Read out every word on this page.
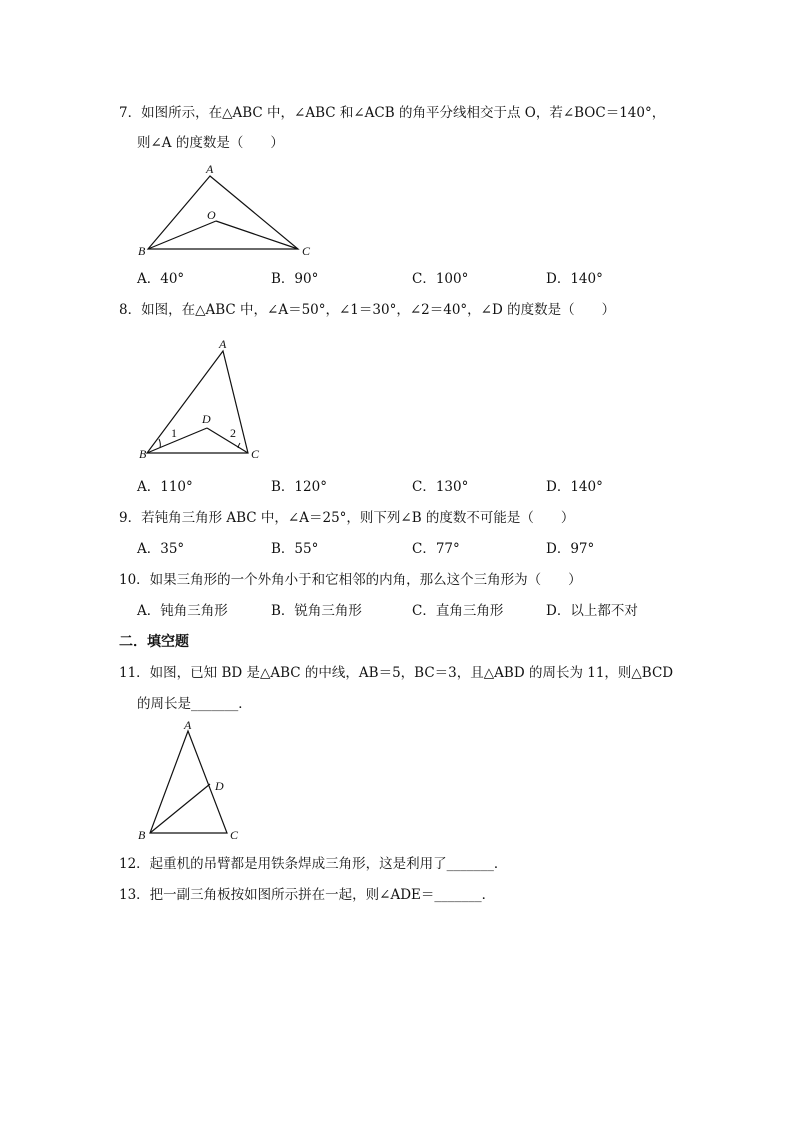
7．如图所示，在△ABC 中，∠ABC 和∠ACB 的角平分线相交于点 O，若∠BOC＝140°，
则∠A 的度数是（　　）
A
B	C
O
A．40°	B．90°	C．100°	D．140°
8．如图，在△ABC 中，∠A＝50°，∠1＝30°，∠2＝40°，∠D 的度数是（　　）
A
B	C
D
1	2
A．110°	B．120°	C．130°	D．140°
9．若钝角三角形 ABC 中，∠A＝25°，则下列∠B 的度数不可能是（　　）
A．35°	B．55°	C．77°	D．97°
10．如果三角形的一个外角小于和它相邻的内角，那么这个三角形为（　　）
A．钝角三角形	B．锐角三角形	C．直角三角形	D．以上都不对
二．填空题
11．如图，已知 BD 是△ABC 的中线，AB＝5，BC＝3，且△ABD 的周长为 11，则△BCD
的周长是_______．
A
B	C
D
12．起重机的吊臂都是用铁条焊成三角形，这是利用了_______．
13．把一副三角板按如图所示拼在一起，则∠ADE＝_______．
